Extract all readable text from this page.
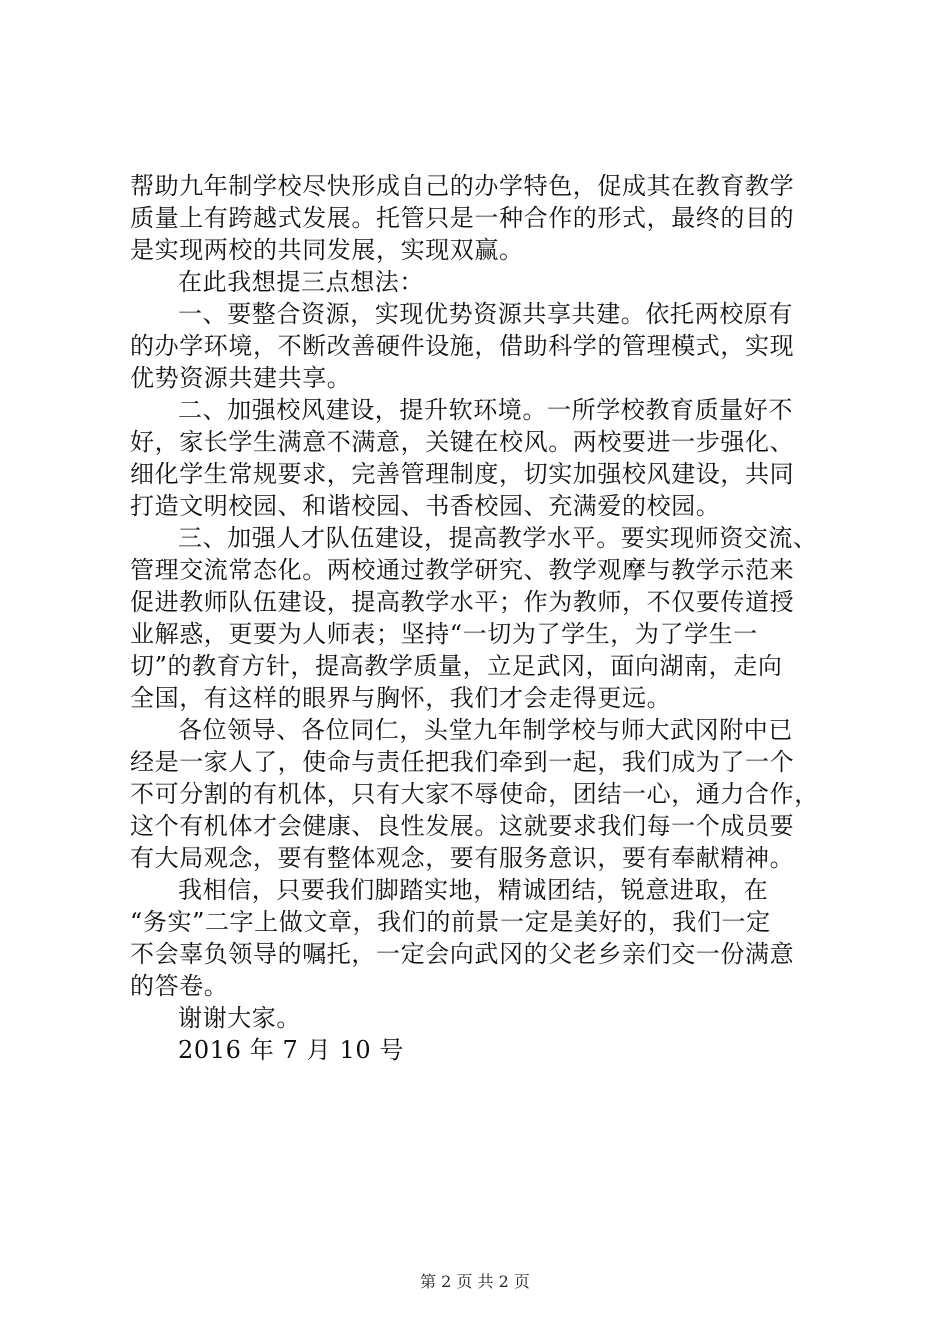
帮助九年制学校尽快形成自己的办学特色，促成其在教育教学
质量上有跨越式发展。托管只是一种合作的形式，最终的目的
是实现两校的共同发展，实现双赢。
在此我想提三点想法：
一、要整合资源，实现优势资源共享共建。依托两校原有
的办学环境，不断改善硬件设施，借助科学的管理模式，实现
优势资源共建共享。
二、加强校风建设，提升软环境。一所学校教育质量好不
好，家长学生满意不满意，关键在校风。两校要进一步强化、
细化学生常规要求，完善管理制度，切实加强校风建设，共同
打造文明校园、和谐校园、书香校园、充满爱的校园。
三、加强人才队伍建设，提高教学水平。要实现师资交流、
管理交流常态化。两校通过教学研究、教学观摩与教学示范来
促进教师队伍建设，提高教学水平；作为教师，不仅要传道授
业解惑，更要为人师表；坚持“一切为了学生，为了学生一
切”的教育方针，提高教学质量，立足武冈，面向湖南，走向
全国，有这样的眼界与胸怀，我们才会走得更远。
各位领导、各位同仁，头堂九年制学校与师大武冈附中已
经是一家人了，使命与责任把我们牵到一起，我们成为了一个
不可分割的有机体，只有大家不辱使命，团结一心，通力合作，
这个有机体才会健康、良性发展。这就要求我们每一个成员要
有大局观念，要有整体观念，要有服务意识，要有奉献精神。
我相信，只要我们脚踏实地，精诚团结，锐意进取，在
“务实”二字上做文章，我们的前景一定是美好的，我们一定
不会辜负领导的嘱托，一定会向武冈的父老乡亲们交一份满意
的答卷。
谢谢大家。
2016 年 7 月 10 号
第 2 页 共 2 页
